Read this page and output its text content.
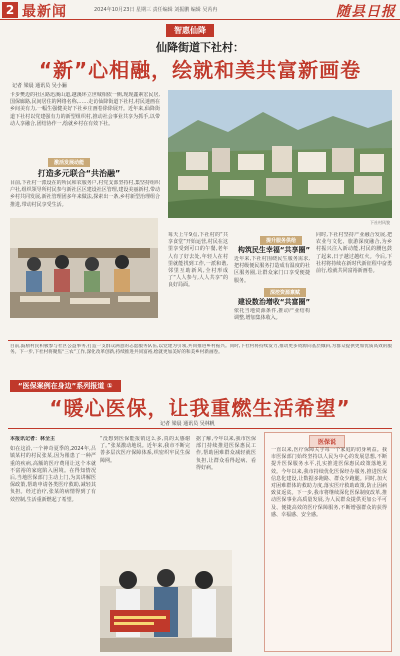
2 最新闻	2024年10月23日 星期三 责任编辑 刘振鹏 编辑 吴芮冉	随县日报
智惠仙降
仙降街道下社村：
“新”心相融，绘就和美共富新画卷
记者 梁晨 通讯员 吴小骊
卡步樊迈的社区路迅溪山道,越溪环立世城相依一侧,现现鑫素宏民居,国保廊路,民间居住的网络名称,……走访仙降街道下社村,村民迷画在乡间美有力,一幅生强健美好下社乡庄画卷徐徐展开。近年来,仙降街道下社村以党建强有力的新型组织村,推动社会事业共享为抓手,以带动人享融合,团结协作一,绘就乡村在有效下社。
下社村风貌
激活发展动能
打造多元联合“共治融”
目前,下社村一派设在的所民和农服务户,村党支部坚持村,集坚持组织户社,组织领导所村民参与新社区区建设社区管理,建设美丽新村,带动乡村共同发展,新社管理团多年来做法,探索出一条,乡村新型治理组合推进,带动村民享受生活。
每天上午9点,下社村的“共享食堂”开始运营,村民在这里享受到可口的午餐,老年人有了好去处,年轻人在村里就能找到工作,一派和谐,邻里互助新风,全村形成了“人人参与,人人共享”的良好局面。
提升服务供给
构筑民生幸福“共享圈”
近年来,下社村围绕民生服务需求,把村级便民服务打造成有温度的社区服务圈,让群众家门口享受便捷服务。
深挖资源禀赋
建设数治增收“共富圈”
依托当地资源条件,推动产业结构调整,增加集体收入。
同时,下社村坚持产业融合发展,把农业与文化、旅游深度融合,为乡村振兴注入新动能,村民的腰包鼓了起来,日子越过越红火。今后,下社村将持续在新时代新征程中奋勇前行,绘就共同富裕新画卷。
目前,鼓励村民积极参与社区公益事务,打造一支群众满意的志愿服务队伍,以党建为引领,共同推进乡村振兴。同时,下社村将持续发力,推动更多资源向基层倾斜,为群众提供更加优质高效的服务。下一步,下社村将聚焦“三农”工作,深化改革创新,持续推进共同富裕,绘就更加美好的和美乡村新画卷。
“医保案例在身边”系列报道 ①
“暖心医保，让我重燃生活希望”
记者 梁晨 通讯员 吴林帆
本报讯记者：林全主
如在这沿,一个神奇夏季的,2024年,吕镇某村的村民张某,因为罹患了一种严重的疾病,高额的医疗费用让这个本就不富裕的家庭陷入困境。在得知情况后,当地医保部门主动上门,为其讲解医保政策,帮助申请各类医疗救助,减轻其负担。经过治疗,张某的病情得到了有效控制,生活重新燃起了希望。
“没想到医保能报销这么多,真的太感谢了。”张某激动地说。近年来,我市不断完善多层次医疗保障体系,织密织牢民生保障网。
据了解,今年以来,我市医保部门持续推进医保惠民工作,帮助困难群众减轻就医负担,让群众看得起病、看得好病。
医保说
一直以来,医疗保障关乎每一个家庭的切身利益。我市医保部门始终坚持以人民为中心的发展思想,不断提升医保服务水平,扎实推进医保惠民政策落地见效。今年以来,我市持续优化医保经办服务,推进医保信息化建设,让数据多跑路、群众少跑腿。同时,加大对困难群体的救助力度,落实医疗救助政策,防止因病致贫返贫。下一步,我市将继续深化医保制度改革,推动医保事业高质量发展,为人民群众提供更加公平可及、便捷高效的医疗保障服务,不断增强群众的获得感、幸福感、安全感。
